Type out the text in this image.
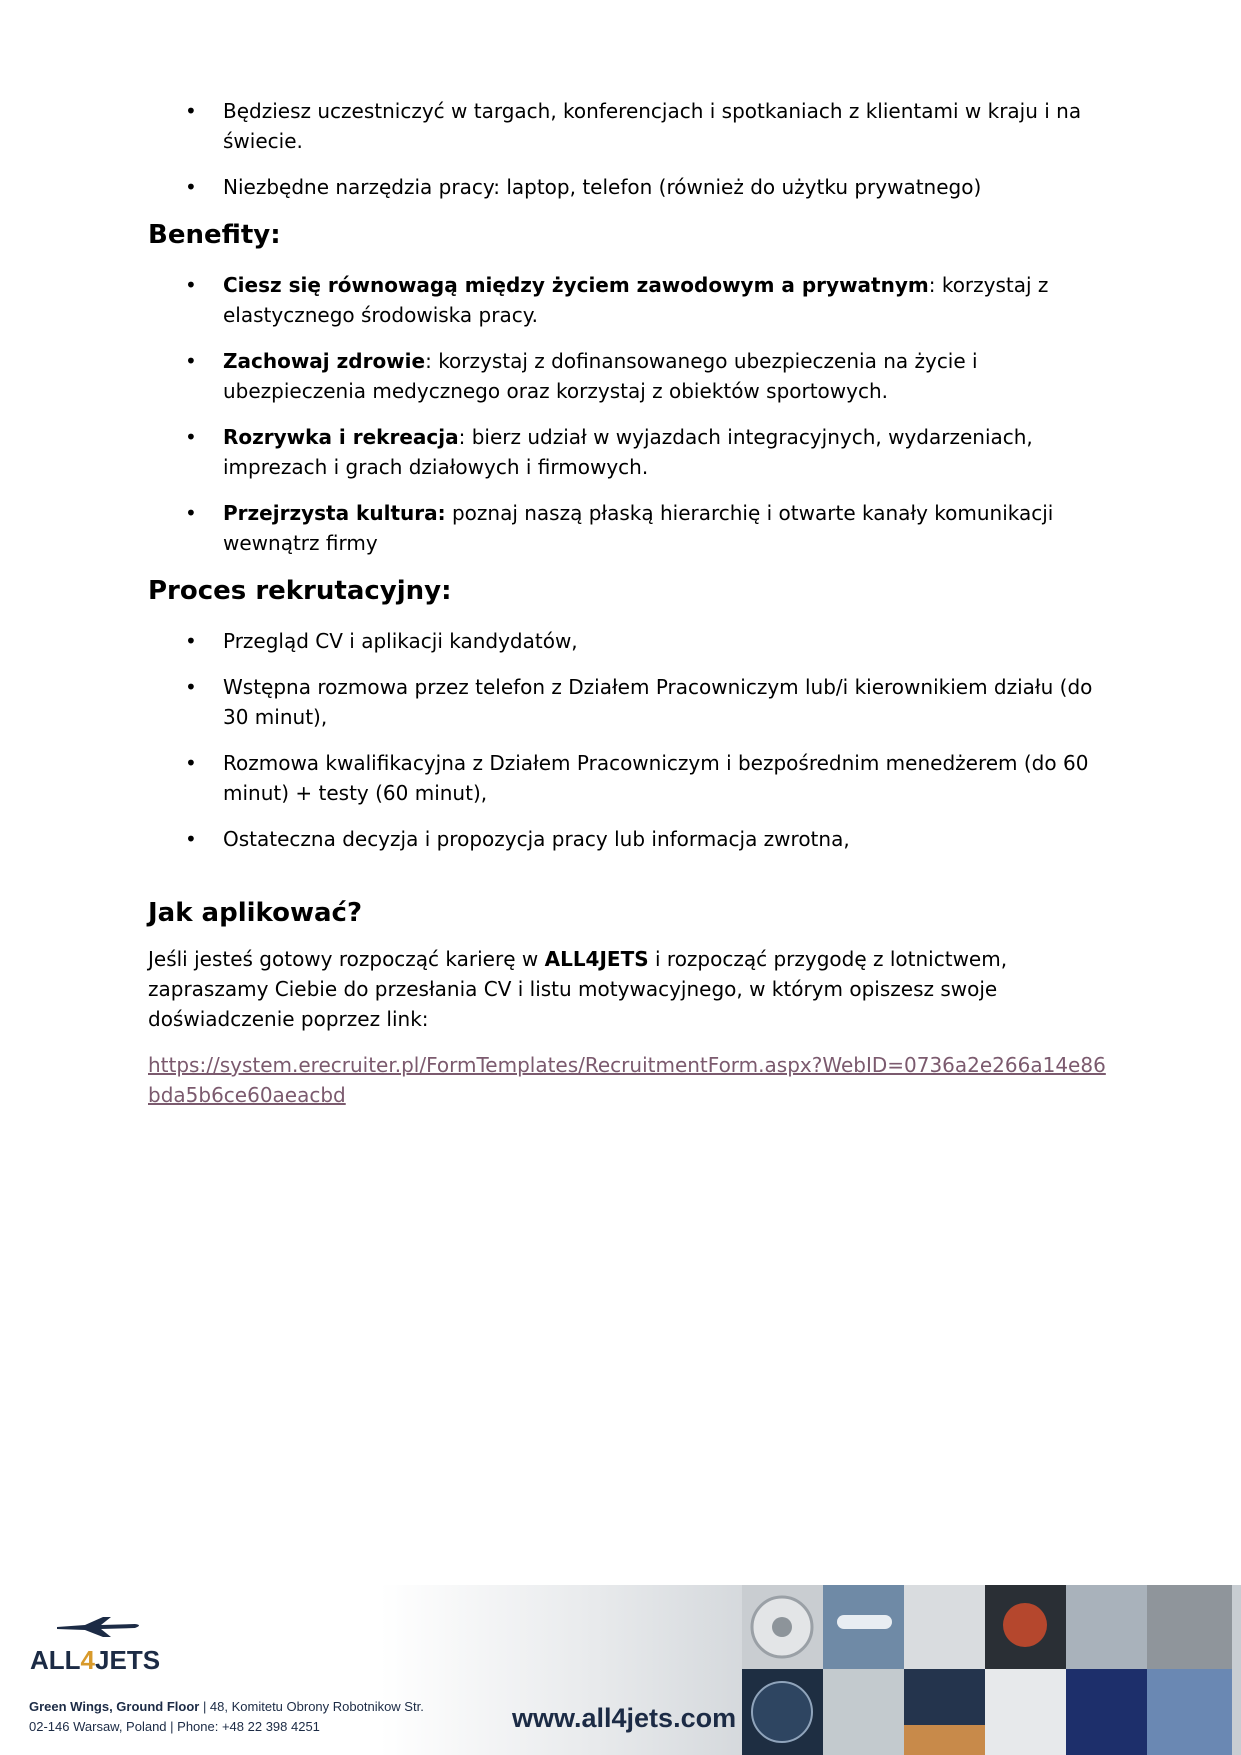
• Będziesz uczestniczyć w targach, konferencjach i spotkaniach z klientami w kraju i na świecie.
• Niezbędne narzędzia pracy: laptop, telefon (również do użytku prywatnego)
Benefity:
• Ciesz się równowagą między życiem zawodowym a prywatnym: korzystaj z elastycznego środowiska pracy.
• Zachowaj zdrowie: korzystaj z dofinansowanego ubezpieczenia na życie i ubezpieczenia medycznego oraz korzystaj z obiektów sportowych.
• Rozrywka i rekreacja: bierz udział w wyjazdach integracyjnych, wydarzeniach, imprezach i grach działowych i firmowych.
• Przejrzysta kultura: poznaj naszą płaską hierarchię i otwarte kanały komunikacji wewnątrz firmy
Proces rekrutacyjny:
• Przegląd CV i aplikacji kandydatów,
• Wstępna rozmowa przez telefon z Działem Pracowniczym lub/i kierownikiem działu (do 30 minut),
• Rozmowa kwalifikacyjna z Działem Pracowniczym i bezpośrednim menedżerem (do 60 minut) + testy (60 minut),
• Ostateczna decyzja i propozycja pracy lub informacja zwrotna,
Jak aplikować?

Jeśli jesteś gotowy rozpocząć karierę w ALL4JETS i rozpocząć przygodę z lotnictwem, zapraszamy Ciebie do przesłania CV i listu motywacyjnego, w którym opiszesz swoje doświadczenie poprzez link:

https://system.erecruiter.pl/FormTemplates/RecruitmentForm.aspx?WebID=0736a2e266a14e86bda5b6ce60aeacbd
ALL4JETS
Green Wings, Ground Floor | 48, Komitetu Obrony Robotnikow Str.
02-146 Warsaw, Poland | Phone: +48 22 398 4251	www.all4jets.com
